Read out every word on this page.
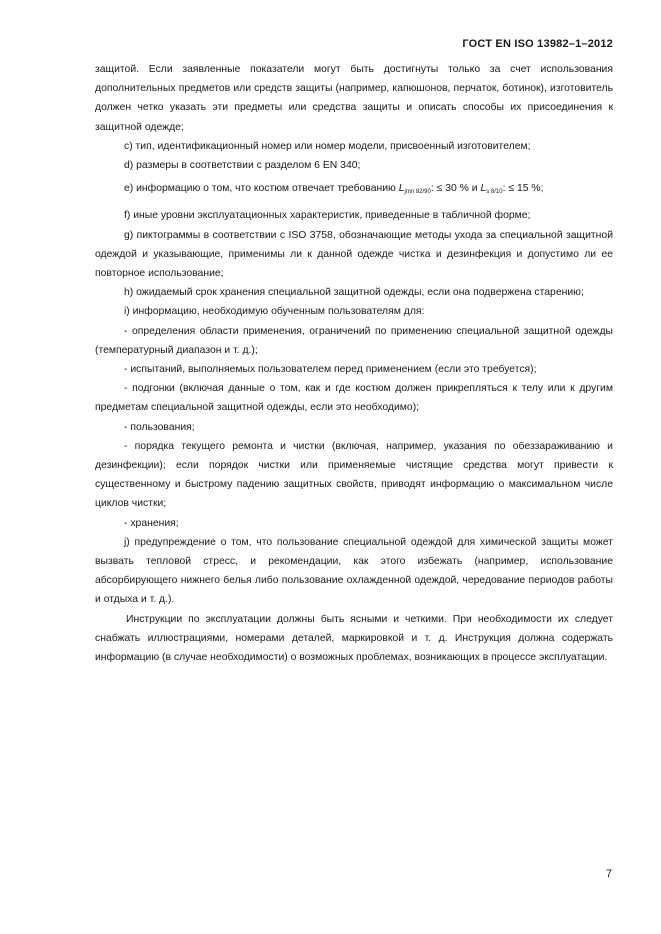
ГОСТ EN ISO 13982–1–2012

защитой. Если заявленные показатели могут быть достигнуты только за счет использования дополнительных предметов или средств защиты (например, капюшонов, перчаток, ботинок), изготовитель должен четко указать эти предметы или средства защиты и описать способы их присоединения к защитной одежде;

c) тип, идентификационный номер или номер модели, присвоенный изготовителем;

d) размеры в соответствии с разделом 6 EN 340;

e) информацию о том, что костюм отвечает требованию $L_{jmn 82/90}$: ≤ 30 % и $L_{s 8/10}$: ≤ 15 %;

f) иные уровни эксплуатационных характеристик, приведенные в табличной форме;

g) пиктограммы в соответствии с ISO 3758, обозначающие методы ухода за специальной защитной одеждой и указывающие, применимы ли к данной одежде чистка и дезинфекция и допустимо ли ее повторное использование;

h) ожидаемый срок хранения специальной защитной одежды, если она подвержена старению;

i) информацию, необходимую обученным пользователям для:

- определения области применения, ограничений по применению специальной защитной одежды (температурный диапазон и т. д.);

- испытаний, выполняемых пользователем перед применением (если это требуется);

- подгонки (включая данные о том, как и где костюм должен прикрепляться к телу или к другим предметам специальной защитной одежды, если это необходимо);

- пользования;

- порядка текущего ремонта и чистки (включая, например, указания по обеззараживанию и дезинфекции); если порядок чистки или применяемые чистящие средства могут привести к существенному и быстрому падению защитных свойств, приводят информацию о максимальном числе циклов чистки;

- хранения;

j) предупреждение о том, что пользование специальной одеждой для химической защиты может вызвать тепловой стресс, и рекомендации, как этого избежать (например, использование абсорбирующего нижнего белья либо пользование охлажденной одеждой, чередование периодов работы и отдыха и т. д.).

Инструкции по эксплуатации должны быть ясными и четкими. При необходимости их следует снабжать иллюстрациями, номерами деталей, маркировкой и т. д. Инструкция должна содержать информацию (в случае необходимости) о возможных проблемах, возникающих в процессе эксплуатации.

7
